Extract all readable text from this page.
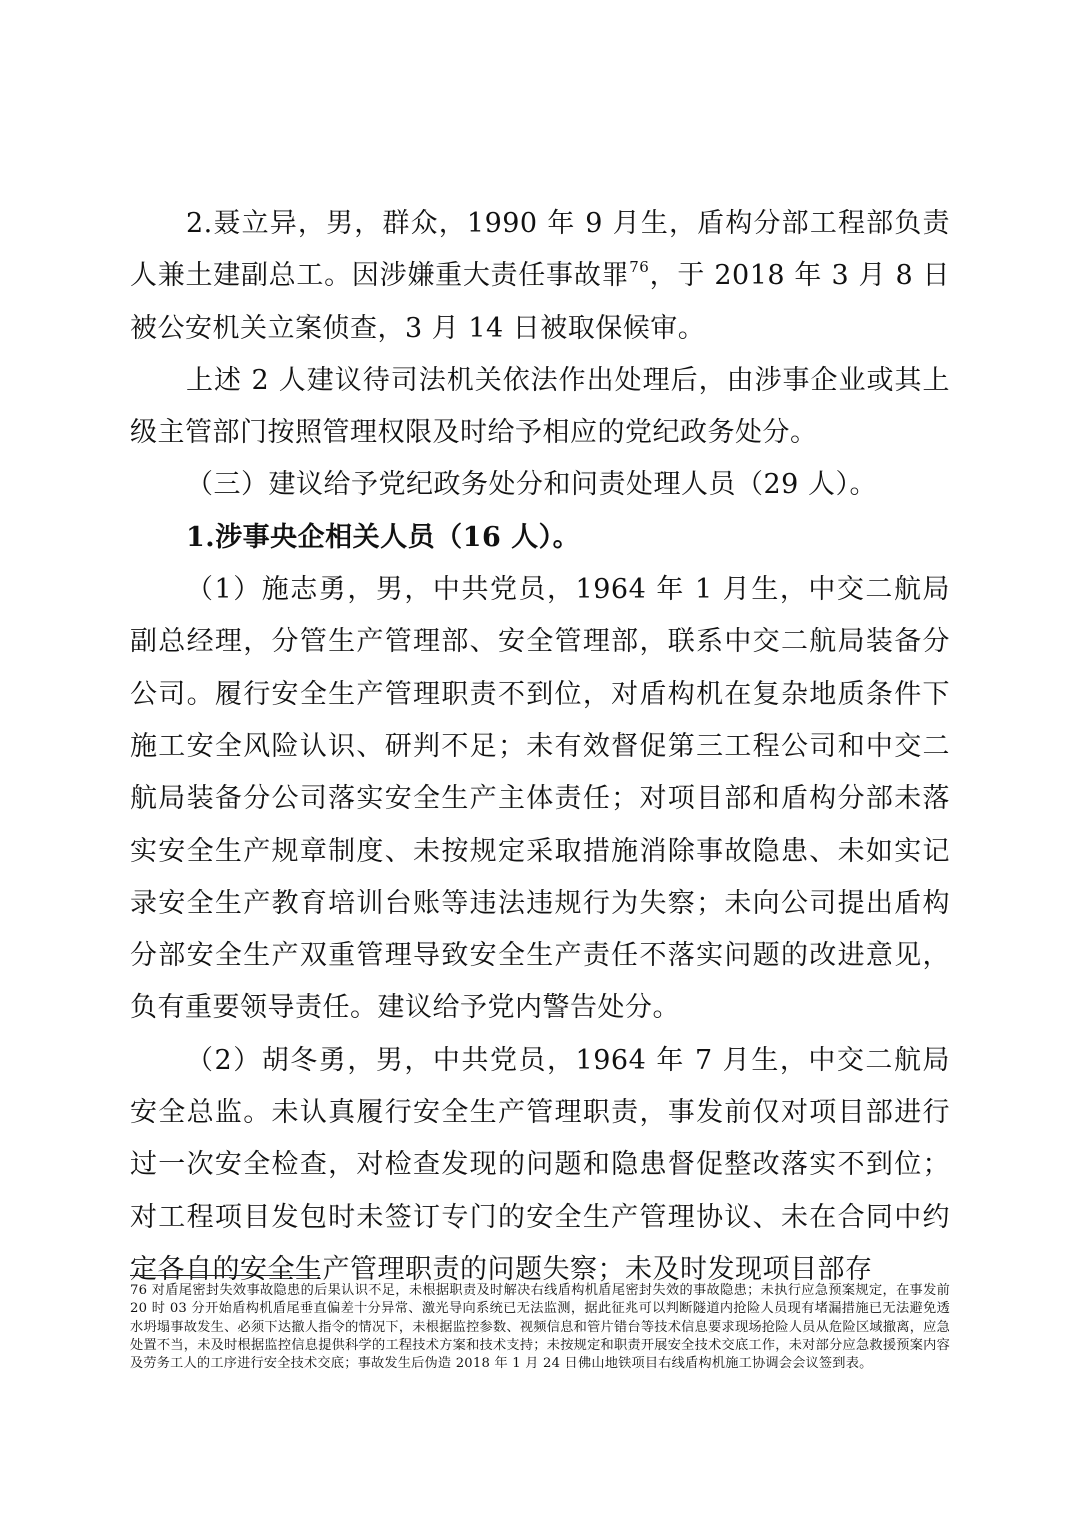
2.聂立异，男，群众，1990 年 9 月生，盾构分部工程部负责人兼土建副总工。因涉嫌重大责任事故罪$^{76}$，于 2018 年 3 月 8 日被公安机关立案侦查，3 月 14 日被取保候审。

上述 2 人建议待司法机关依法作出处理后，由涉事企业或其上级主管部门按照管理权限及时给予相应的党纪政务处分。

（三）建议给予党纪政务处分和问责处理人员（29 人）。

1.涉事央企相关人员（16 人）。

（1）施志勇，男，中共党员，1964 年 1 月生，中交二航局副总经理，分管生产管理部、安全管理部，联系中交二航局装备分公司。履行安全生产管理职责不到位，对盾构机在复杂地质条件下施工安全风险认识、研判不足；未有效督促第三工程公司和中交二航局装备分公司落实安全生产主体责任；对项目部和盾构分部未落实安全生产规章制度、未按规定采取措施消除事故隐患、未如实记录安全生产教育培训台账等违法违规行为失察；未向公司提出盾构分部安全生产双重管理导致安全生产责任不落实问题的改进意见，负有重要领导责任。建议给予党内警告处分。

（2）胡冬勇，男，中共党员，1964 年 7 月生，中交二航局安全总监。未认真履行安全生产管理职责，事发前仅对项目部进行过一次安全检查，对检查发现的问题和隐患督促整改落实不到位；对工程项目发包时未签订专门的安全生产管理协议、未在合同中约定各自的安全生产管理职责的问题失察；未及时发现项目部存

76 对盾尾密封失效事故隐患的后果认识不足，未根据职责及时解决右线盾构机盾尾密封失效的事故隐患；未执行应急预案规定，在事发前 20 时 03 分开始盾构机盾尾垂直偏差十分异常、激光导向系统已无法监测，据此征兆可以判断隧道内抢险人员现有堵漏措施已无法避免透水坍塌事故发生、必须下达撤人指令的情况下，未根据监控参数、视频信息和管片错台等技术信息要求现场抢险人员从危险区域撤离，应急处置不当，未及时根据监控信息提供科学的工程技术方案和技术支持；未按规定和职责开展安全技术交底工作，未对部分应急救援预案内容及劳务工人的工序进行安全技术交底；事故发生后伪造 2018 年 1 月 24 日佛山地铁项目右线盾构机施工协调会会议签到表。
